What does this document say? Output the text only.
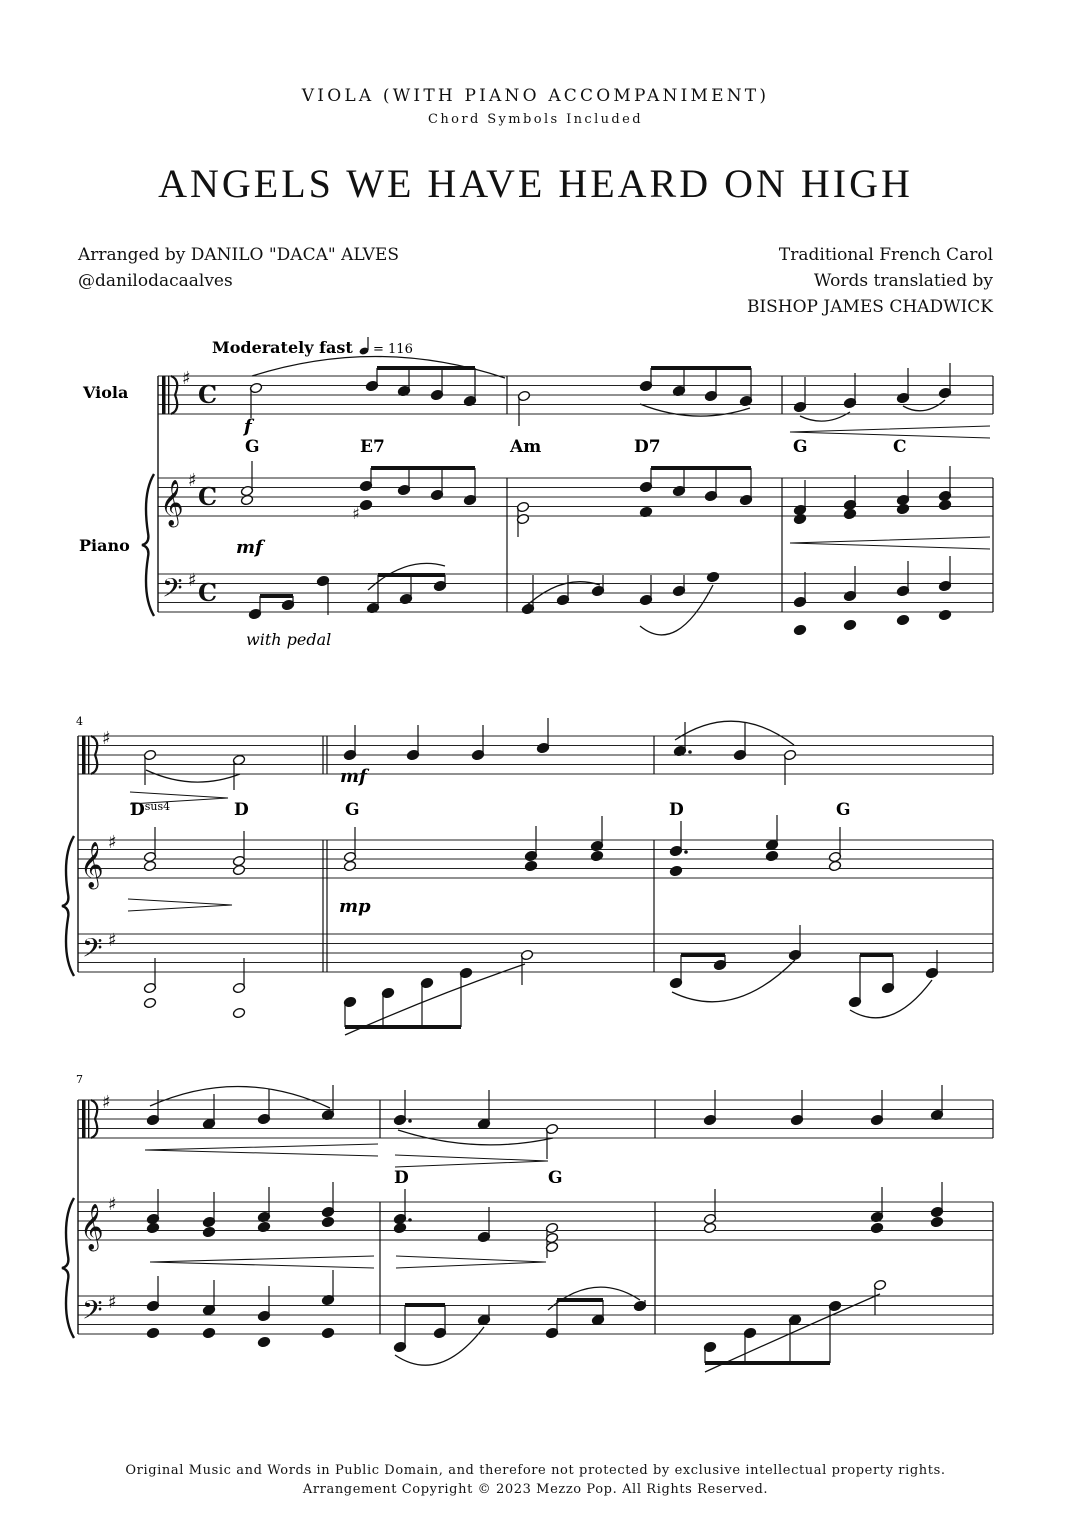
VIOLA (WITH PIANO ACCOMPANIMENT)
Chord Symbols Included
ANGELS WE HAVE HEARD ON HIGH
Arranged by DANILO "DACA" ALVES
@danilodacaalves
Traditional French Carol
Words translatied by
BISHOP JAMES CHADWICK
Moderately fast = 116
Viola
Piano
4
7
G	E7	Am	D7	G	C
$D^{sus4}$	D	G	D	G
D	G
f
mf
mf
mp
with pedal
𝄞
𝄢
♯
♯
♯
C
C
C
𝄞
𝄢
♯
♯
♯
𝄞
𝄢
♯
♯
♯
♯
Original Music and Words in Public Domain, and therefore not protected by exclusive intellectual property rights.
Arrangement Copyright © 2023 Mezzo Pop. All Rights Reserved.
